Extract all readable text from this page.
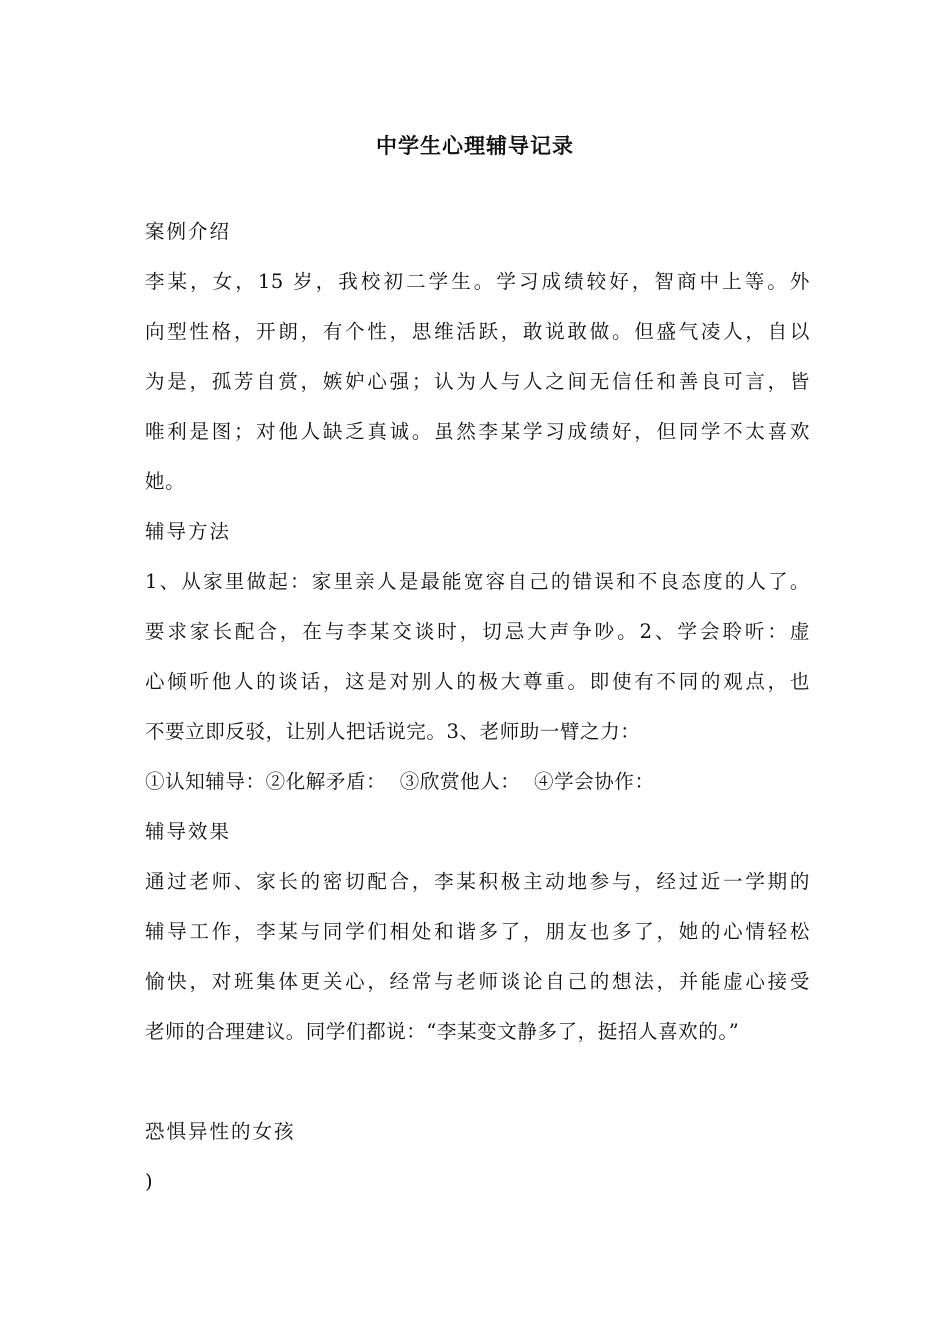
中学生心理辅导记录
案例介绍
李某，女，15 岁，我校初二学生。学习成绩较好，智商中上等。外
向型性格，开朗，有个性，思维活跃，敢说敢做。但盛气凌人，自以
为是，孤芳自赏，嫉妒心强；认为人与人之间无信任和善良可言，皆
唯利是图；对他人缺乏真诚。虽然李某学习成绩好，但同学不太喜欢
她。
辅导方法
1、从家里做起：家里亲人是最能宽容自己的错误和不良态度的人了。
要求家长配合，在与李某交谈时，切忌大声争吵。2、学会聆听：虚
心倾听他人的谈话，这是对别人的极大尊重。即使有不同的观点，也
不要立即反驳，让别人把话说完。3、老师助一臂之力：
①认知辅导：②化解矛盾：  ③欣赏他人：  ④学会协作：
辅导效果
通过老师、家长的密切配合，李某积极主动地参与，经过近一学期的
辅导工作，李某与同学们相处和谐多了，朋友也多了，她的心情轻松
愉快，对班集体更关心，经常与老师谈论自己的想法，并能虚心接受
老师的合理建议。同学们都说：“李某变文静多了，挺招人喜欢的。”
恐惧异性的女孩
)
